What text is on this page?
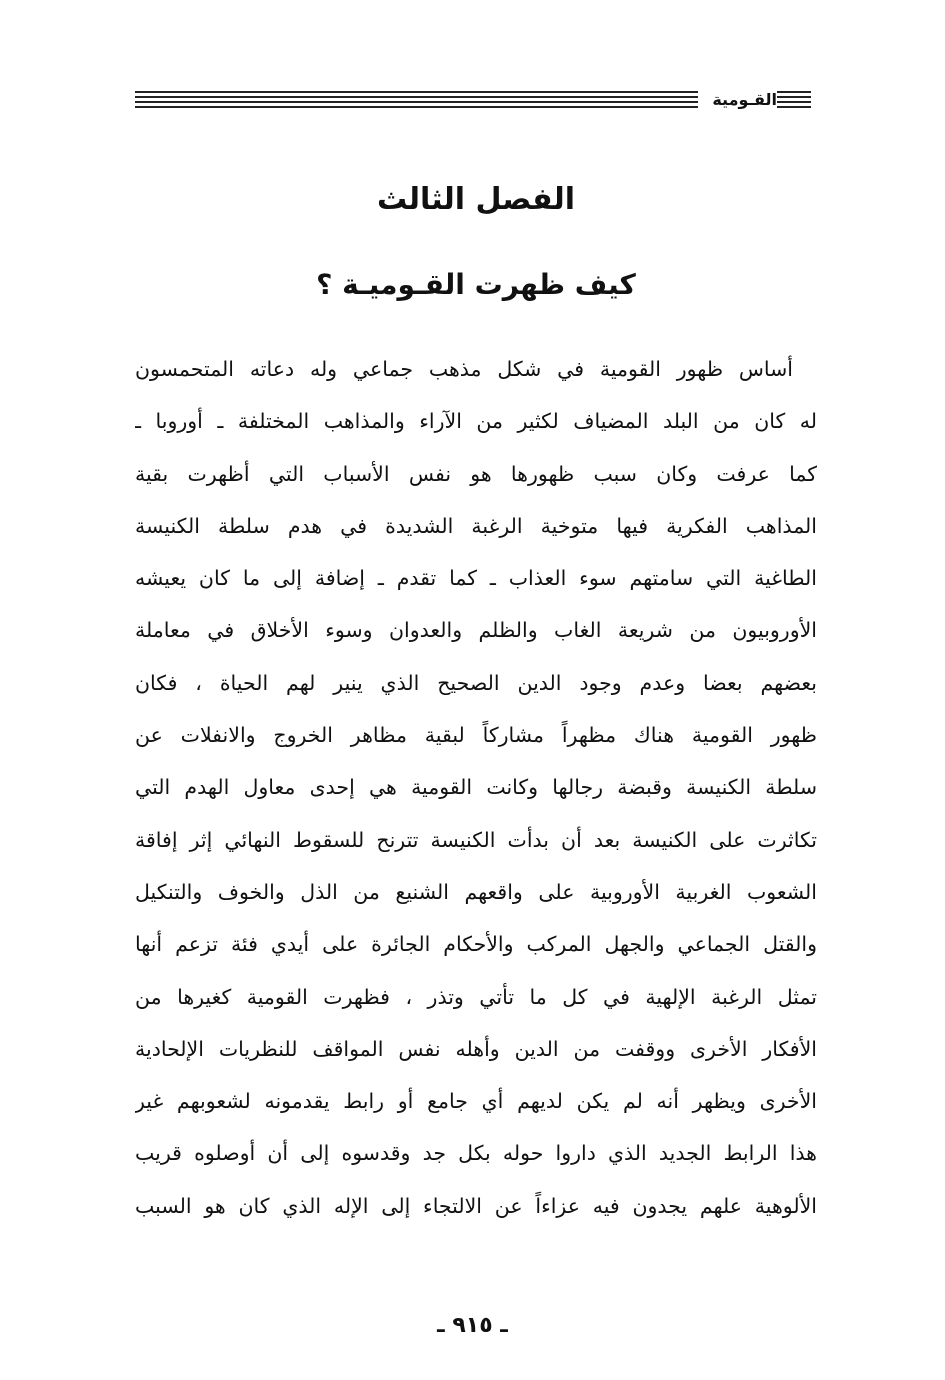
القـومية
الفصل الثالث
كيف ظهرت القـوميـة ؟
أساس ظهور القومية في شكل مذهب جماعي وله دعاته المتحمسون
له كان من البلد المضياف لكثير من الآراء والمذاهب المختلفة ـ أوروبا ـ
كما عرفت وكان سبب ظهورها هو نفس الأسباب التي أظهرت بقية
المذاهب الفكرية فيها متوخية الرغبة الشديدة في هدم سلطة الكنيسة
الطاغية التي سامتهم سوء العذاب ـ كما تقدم ـ إضافة إلى ما كان يعيشه
الأوروبيون من شريعة الغاب والظلم والعدوان وسوء الأخلاق في معاملة
بعضهم بعضا وعدم وجود الدين الصحيح الذي ينير لهم الحياة ، فكان
ظهور القومية هناك مظهراً مشاركاً لبقية مظاهر الخروج والانفلات عن
سلطة الكنيسة وقبضة رجالها وكانت القومية هي إحدى معاول الهدم التي
تكاثرت على الكنيسة بعد أن بدأت الكنيسة تترنح للسقوط النهائي إثر إفاقة
الشعوب الغربية الأوروبية على واقعهم الشنيع من الذل والخوف والتنكيل
والقتل الجماعي والجهل المركب والأحكام الجائرة على أيدي فئة تزعم أنها
تمثل الرغبة الإلهية في كل ما تأتي وتذر ، فظهرت القومية كغيرها من
الأفكار الأخرى ووقفت من الدين وأهله نفس المواقف للنظريات الإلحادية
الأخرى ويظهر أنه لم يكن لديهم أي جامع أو رابط يقدمونه لشعوبهم غير
هذا الرابط الجديد الذي داروا حوله بكل جد وقدسوه إلى أن أوصلوه قريب
الألوهية علهم يجدون فيه عزاءاً عن الالتجاء إلى الإله الذي كان هو السبب
ـ ٩١٥ ـ
